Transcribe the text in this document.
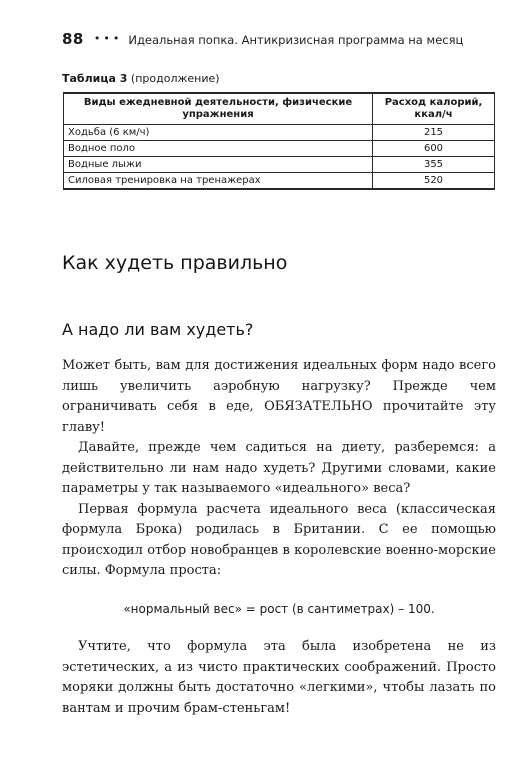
88 ••• Идеальная попка. Антикризисная программа на месяц
Таблица 3 (продолжение)
Виды ежедневной деятельности, физические упражнения	Расход калорий, ккал/ч
Ходьба (6 км/ч)	215
Водное поло	600
Водные лыжи	355
Силовая тренировка на тренажерах	520
Как худеть правильно
А надо ли вам худеть?

Может быть, вам для достижения идеальных форм надо всего лишь увеличить аэробную нагрузку? Прежде чем ограничивать себя в еде, ОБЯЗАТЕЛЬНО прочитайте эту главу!

Давайте, прежде чем садиться на диету, разберемся: а действительно ли нам надо худеть? Другими словами, какие параметры у так называемого «идеального» веса?

Первая формула расчета идеального веса (классическая формула Брока) родилась в Британии. С ее помощью происходил отбор новобранцев в королевские военно-морские силы. Формула проста:

«нормальный вес» = рост (в сантиметрах) – 100.

Учтите, что формула эта была изобретена не из эстетических, а из чисто практических соображений. Просто моряки должны быть достаточно «легкими», чтобы лазать по вантам и прочим брам-стеньгам!
